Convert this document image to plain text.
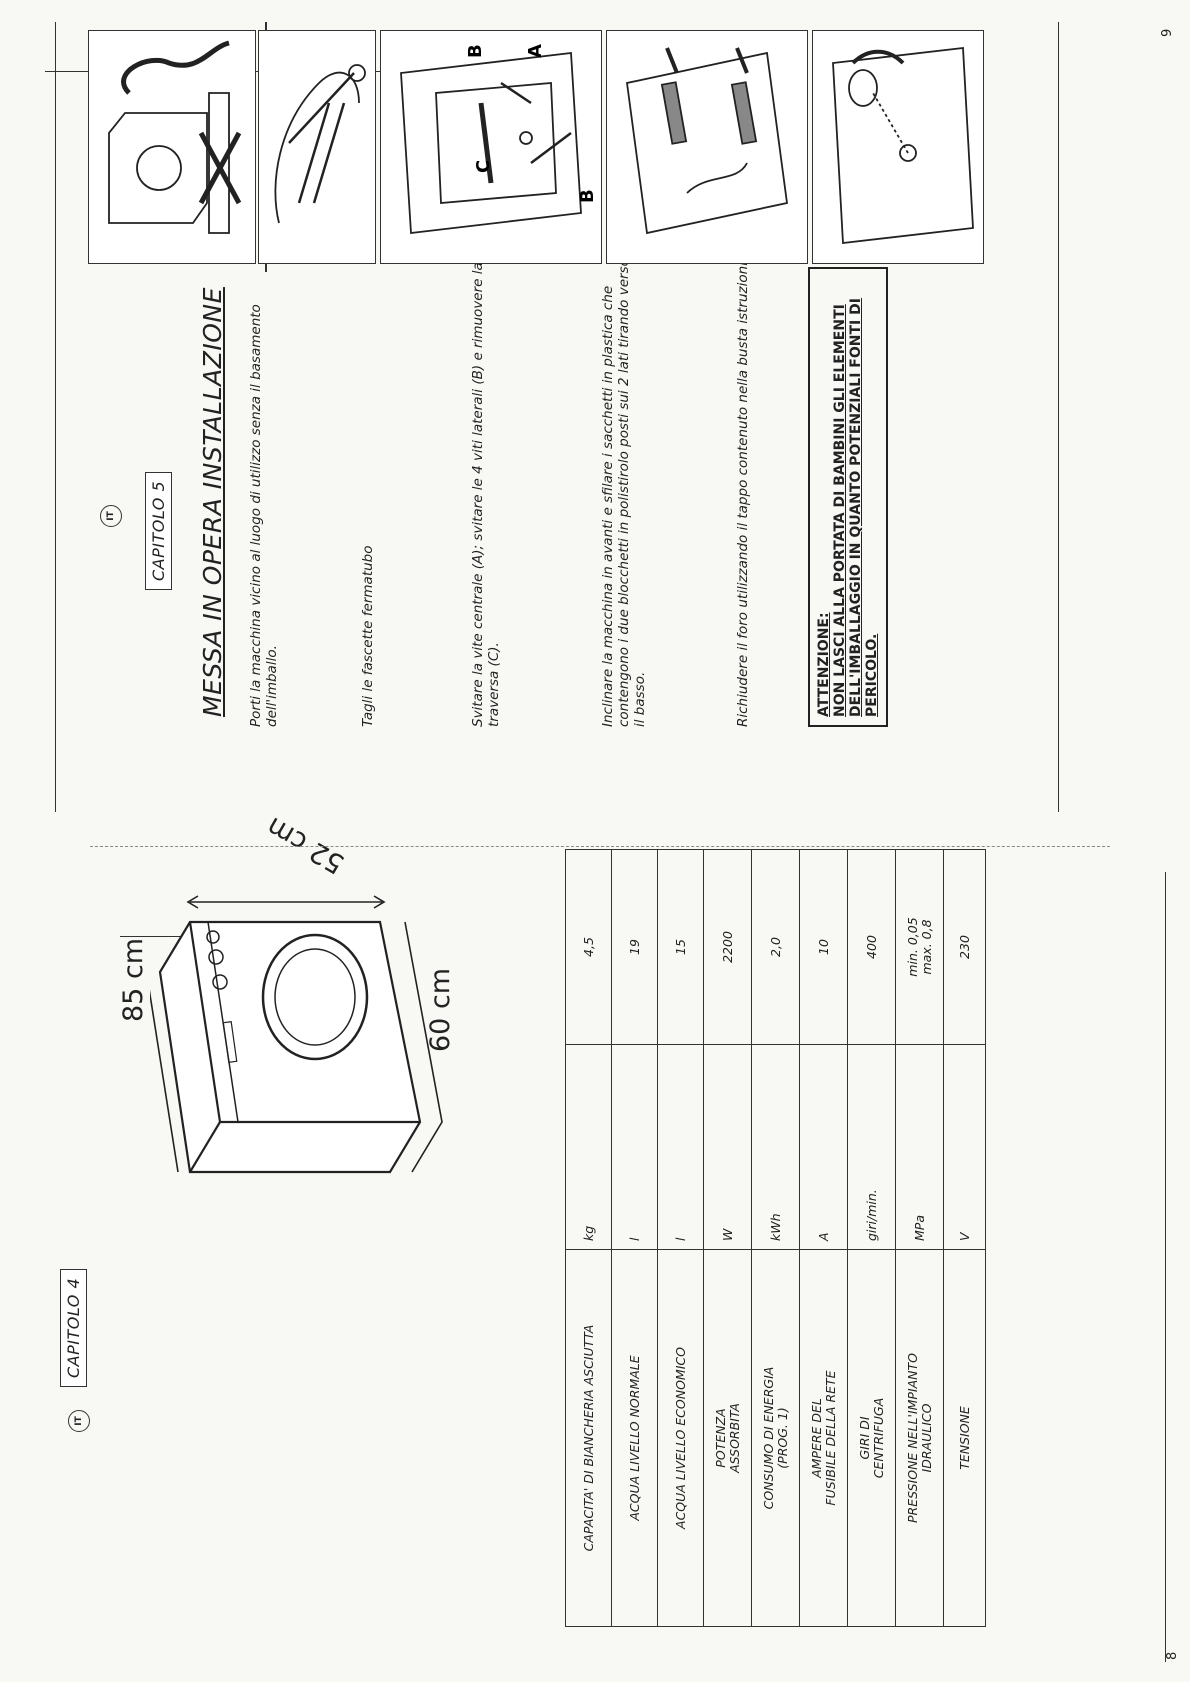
IT
CAPITOLO 4
85 cm
52 cm
60 cm
CAPACITA' DI BIANCHERIA ASCIUTTA	kg	4,5
ACQUA LIVELLO NORMALE	l	19
ACQUA LIVELLO ECONOMICO	l	15
POTENZA
ASSORBITA	W	2200
CONSUMO DI ENERGIA
(PROG. 1)	kWh	2,0
AMPERE DEL
FUSIBILE DELLA RETE	A	10
GIRI DI
CENTRIFUGA	giri/min.	400
PRESSIONE NELL'IMPIANTO
IDRAULICO	MPa	min. 0,05
max. 0,8
TENSIONE	V	230
8
IT	CAPITOLO 5 MESSA IN OPERA INSTALLAZIONE Porti la macchina vicino al luogo di utilizzo senza il basamento dell'imballo.	Tagli le fascette fermatubo	Svitare la vite centrale (A); svitare le 4 viti laterali (B) e rimuovere la traversa (C).	Inclinare la macchina in avanti e sfilare i sacchetti in plastica che contengono i due blocchetti in polistirolo posti sui 2 lati tirando verso il basso.	Richiudere il foro utilizzando il tappo contenuto nella busta istruzioni.	ATTENZIONE:
NON LASCI ALLA PORTATA DI BAMBINI GLI ELEMENTI DELL'IMBALLAGGIO IN QUANTO POTENZIALI FONTI DI PERICOLO.
C
B A
B
9
